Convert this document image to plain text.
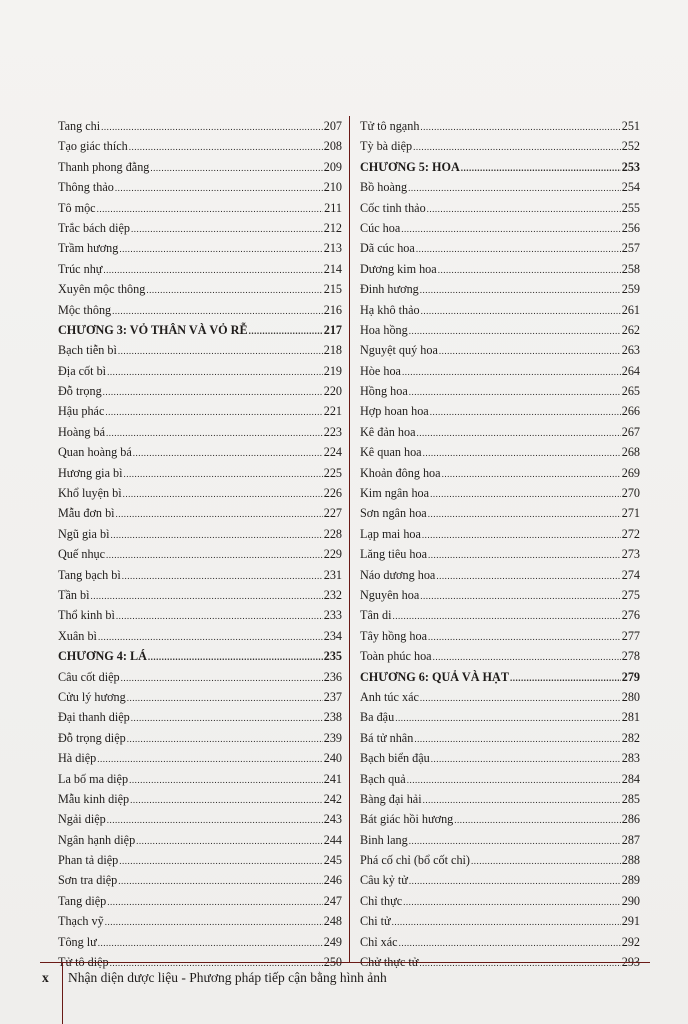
Tang chi .....	207
Tạo giác thích .....	208
Thanh phong đằng .....	209
Thông thảo .....	210
Tô mộc .....	211
Trắc bách diệp .....	212
Trầm hương .....	213
Trúc nhự .....	214
Xuyên mộc thông .....	215
Mộc thông .....	216
CHƯƠNG 3: VỎ THÂN VÀ VỎ RỄ .....	217
Bạch tiễn bì .....	218
Địa cốt bì .....	219
Đỗ trọng .....	220
Hậu phác .....	221
Hoàng bá .....	223
Quan hoàng bá .....	224
Hương gia bì .....	225
Khổ luyện bì .....	226
Mẫu đơn bì .....	227
Ngũ gia bì .....	228
Quế nhục .....	229
Tang bạch bì .....	231
Tần bì .....	232
Thổ kinh bì .....	233
Xuân bì .....	234
CHƯƠNG 4: LÁ .....	235
Câu cốt diệp .....	236
Cửu lý hương .....	237
Đại thanh diệp .....	238
Đỗ trọng diệp .....	239
Hà diệp .....	240
La bố ma diệp .....	241
Mẫu kinh diệp .....	242
Ngải diệp .....	243
Ngân hạnh diệp .....	244
Phan tả diệp .....	245
Sơn tra diệp .....	246
Tang diệp .....	247
Thạch vỹ .....	248
Tông lư .....	249
Tử tô diệp .....	250
Tử tô ngạnh .....	251
Tỳ bà diệp .....	252
CHƯƠNG 5: HOA .....	253
Bồ hoàng .....	254
Cốc tinh thảo .....	255
Cúc hoa .....	256
Dã cúc hoa .....	257
Dương kim hoa .....	258
Đinh hương .....	259
Hạ khô thảo .....	261
Hoa hồng .....	262
Nguyệt quý hoa .....	263
Hòe hoa .....	264
Hồng hoa .....	265
Hợp hoan hoa .....	266
Kê đản hoa .....	267
Kê quan hoa .....	268
Khoản đông hoa .....	269
Kim ngân hoa .....	270
Sơn ngân hoa .....	271
Lạp mai hoa .....	272
Lăng tiêu hoa .....	273
Náo dương hoa .....	274
Nguyên hoa .....	275
Tân di .....	276
Tây hồng hoa .....	277
Toàn phúc hoa .....	278
CHƯƠNG 6: QUẢ VÀ HẠT .....	279
Anh túc xác .....	280
Ba đậu .....	281
Bá tử nhân .....	282
Bạch biển đậu .....	283
Bạch quả .....	284
Bàng đại hải .....	285
Bát giác hồi hương .....	286
Binh lang .....	287
Phá cố chỉ (bổ cốt chỉ) .....	288
Câu kỷ tử .....	289
Chỉ thực .....	290
Chi tử .....	291
Chỉ xác .....	292
Chử thực tử .....	293
x	Nhận diện dược liệu - Phương pháp tiếp cận bằng hình ảnh
